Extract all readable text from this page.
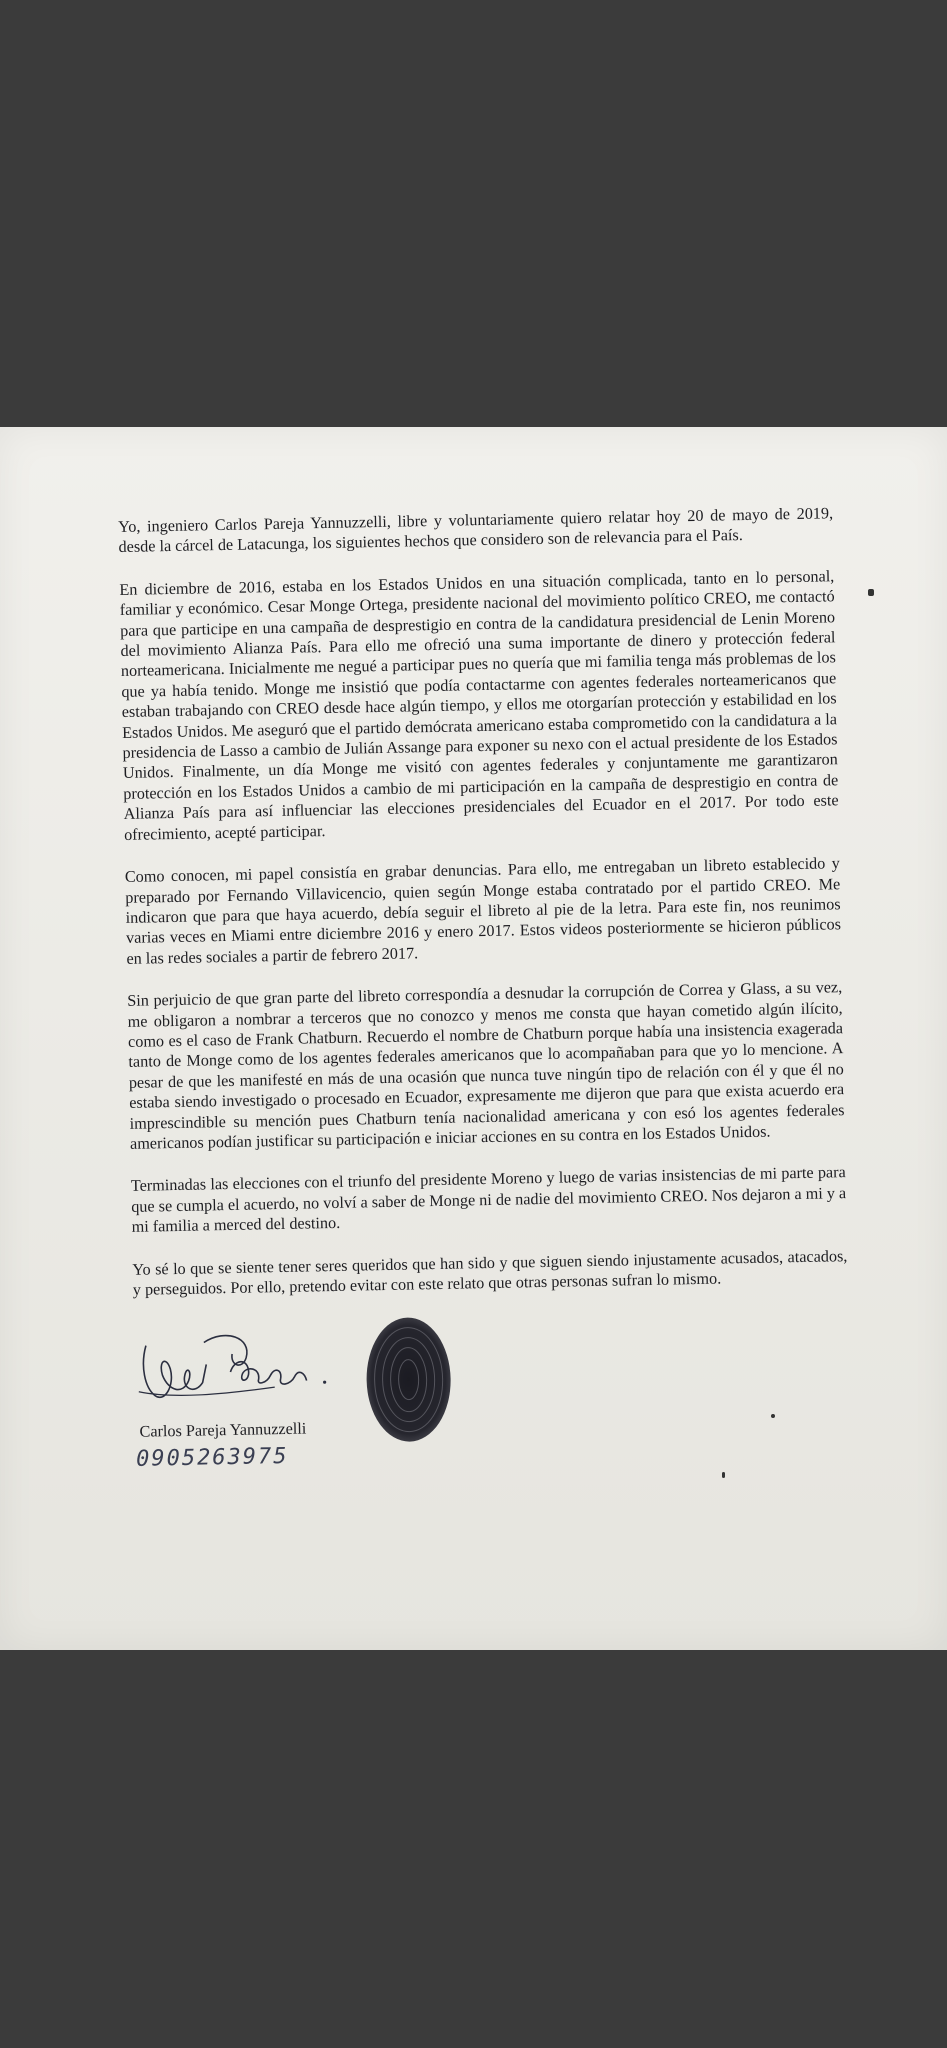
Yo, ingeniero Carlos Pareja Yannuzzelli, libre y voluntariamente quiero relatar hoy 20 de mayo de 2019, desde la cárcel de Latacunga, los siguientes hechos que considero son de relevancia para el País.

En diciembre de 2016, estaba en los Estados Unidos en una situación complicada, tanto en lo personal, familiar y económico. Cesar Monge Ortega, presidente nacional del movimiento político CREO, me contactó para que participe en una campaña de desprestigio en contra de la candidatura presidencial de Lenin Moreno del movimiento Alianza País. Para ello me ofreció una suma importante de dinero y protección federal norteamericana. Inicialmente me negué a participar pues no quería que mi familia tenga más problemas de los que ya había tenido. Monge me insistió que podía contactarme con agentes federales norteamericanos que estaban trabajando con CREO desde hace algún tiempo, y ellos me otorgarían protección y estabilidad en los Estados Unidos. Me aseguró que el partido demócrata americano estaba comprometido con la candidatura a la presidencia de Lasso a cambio de Julián Assange para exponer su nexo con el actual presidente de los Estados Unidos. Finalmente, un día Monge me visitó con agentes federales y conjuntamente me garantizaron protección en los Estados Unidos a cambio de mi participación en la campaña de desprestigio en contra de Alianza País para así influenciar las elecciones presidenciales del Ecuador en el 2017. Por todo este ofrecimiento, acepté participar.

Como conocen, mi papel consistía en grabar denuncias. Para ello, me entregaban un libreto establecido y preparado por Fernando Villavicencio, quien según Monge estaba contratado por el partido CREO. Me indicaron que para que haya acuerdo, debía seguir el libreto al pie de la letra. Para este fin, nos reunimos varias veces en Miami entre diciembre 2016 y enero 2017. Estos videos posteriormente se hicieron públicos en las redes sociales a partir de febrero 2017.

Sin perjuicio de que gran parte del libreto correspondía a desnudar la corrupción de Correa y Glass, a su vez, me obligaron a nombrar a terceros que no conozco y menos me consta que hayan cometido algún ilícito, como es el caso de Frank Chatburn. Recuerdo el nombre de Chatburn porque había una insistencia exagerada tanto de Monge como de los agentes federales americanos que lo acompañaban para que yo lo mencione. A pesar de que les manifesté en más de una ocasión que nunca tuve ningún tipo de relación con él y que él no estaba siendo investigado o procesado en Ecuador, expresamente me dijeron que para que exista acuerdo era imprescindible su mención pues Chatburn tenía nacionalidad americana y con esó los agentes federales americanos podían justificar su participación e iniciar acciones en su contra en los Estados Unidos.

Terminadas las elecciones con el triunfo del presidente Moreno y luego de varias insistencias de mi parte para que se cumpla el acuerdo, no volví a saber de Monge ni de nadie del movimiento CREO. Nos dejaron a mi y a mi familia a merced del destino.

Yo sé lo que se siente tener seres queridos que han sido y que siguen siendo injustamente acusados, atacados, y perseguidos. Por ello, pretendo evitar con este relato que otras personas sufran lo mismo.

Carlos Pareja Yannuzzelli
0905263975
